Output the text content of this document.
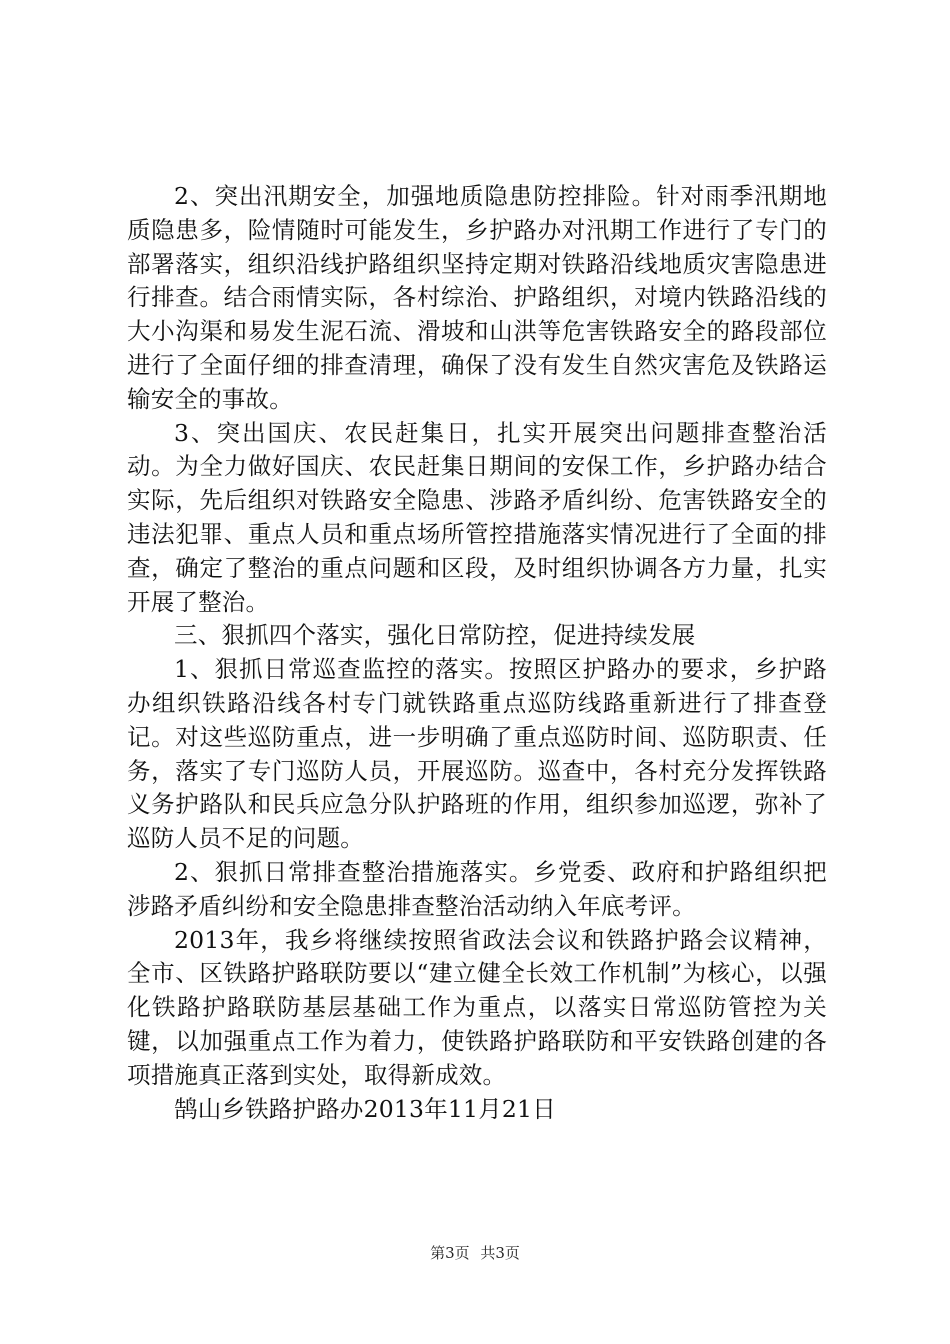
2、突出汛期安全，加强地质隐患防控排险。针对雨季汛期地质隐患多，险情随时可能发生，乡护路办对汛期工作进行了专门的部署落实，组织沿线护路组织坚持定期对铁路沿线地质灾害隐患进行排查。结合雨情实际，各村综治、护路组织，对境内铁路沿线的大小沟渠和易发生泥石流、滑坡和山洪等危害铁路安全的路段部位进行了全面仔细的排查清理，确保了没有发生自然灾害危及铁路运输安全的事故。

3、突出国庆、农民赶集日，扎实开展突出问题排查整治活动。为全力做好国庆、农民赶集日期间的安保工作，乡护路办结合实际，先后组织对铁路安全隐患、涉路矛盾纠纷、危害铁路安全的违法犯罪、重点人员和重点场所管控措施落实情况进行了全面的排查，确定了整治的重点问题和区段，及时组织协调各方力量，扎实开展了整治。

三、狠抓四个落实，强化日常防控，促进持续发展

1、狠抓日常巡查监控的落实。按照区护路办的要求，乡护路办组织铁路沿线各村专门就铁路重点巡防线路重新进行了排查登记。对这些巡防重点，进一步明确了重点巡防时间、巡防职责、任务，落实了专门巡防人员，开展巡防。巡查中，各村充分发挥铁路义务护路队和民兵应急分队护路班的作用，组织参加巡逻，弥补了巡防人员不足的问题。

2、狠抓日常排查整治措施落实。乡党委、政府和护路组织把涉路矛盾纠纷和安全隐患排查整治活动纳入年底考评。

2013年，我乡将继续按照省政法会议和铁路护路会议精神，全市、区铁路护路联防要以“建立健全长效工作机制”为核心，以强化铁路护路联防基层基础工作为重点，以落实日常巡防管控为关键，以加强重点工作为着力，使铁路护路联防和平安铁路创建的各项措施真正落到实处，取得新成效。

鹄山乡铁路护路办2013年11月21日

第3页 共3页
